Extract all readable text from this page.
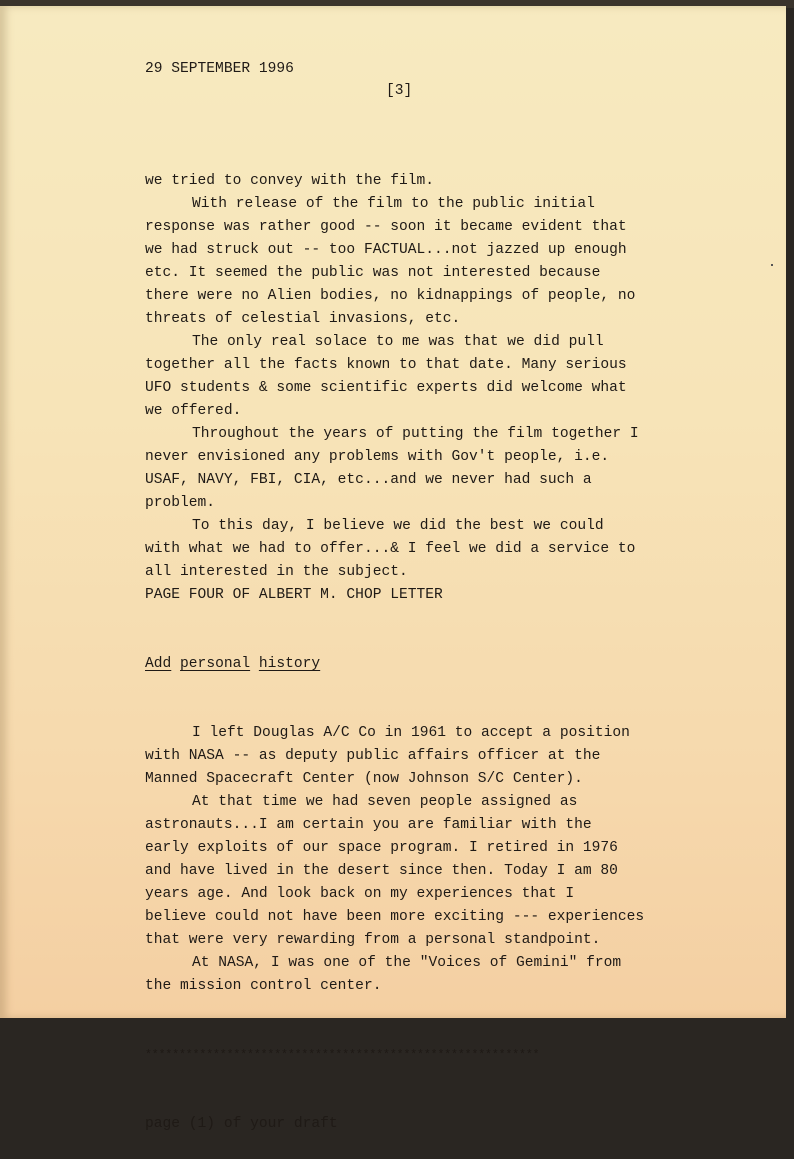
29 SEPTEMBER 1996
[3]

we tried to convey with the film.
With release of the film to the public initial
response was rather good -- soon it became evident that
we had struck out -- too FACTUAL...not jazzed up enough
etc. It seemed the public was not interested because
there were no Alien bodies, no kidnappings of people, no
threats of celestial invasions, etc.
The only real solace to me was that we did pull
together all the facts known to that date. Many serious
UFO students & some scientific experts did welcome what
we offered.
Throughout the years of putting the film together I
never envisioned any problems with Gov't people, i.e.
USAF, NAVY, FBI, CIA, etc...and we never had such a
problem.
To this day, I believe we did the best we could
with what we had to offer...& I feel we did a service to
all interested in the subject.
PAGE FOUR OF ALBERT M. CHOP LETTER

Add personal history

I left Douglas A/C Co in 1961 to accept a position
with NASA -- as deputy public affairs officer at the
Manned Spacecraft Center (now Johnson S/C Center).
At that time we had seven people assigned as
astronauts...I am certain you are familiar with the
early exploits of our space program. I retired in 1976
and have lived in the desert since then. Today I am 80
years age. And look back on my experiences that I
believe could not have been more exciting --- experiences
that were very rewarding from a personal standpoint.
At NASA, I was one of the "Voices of Gemini" from
the mission control center.

**********************************************************

page (1) of your draft
